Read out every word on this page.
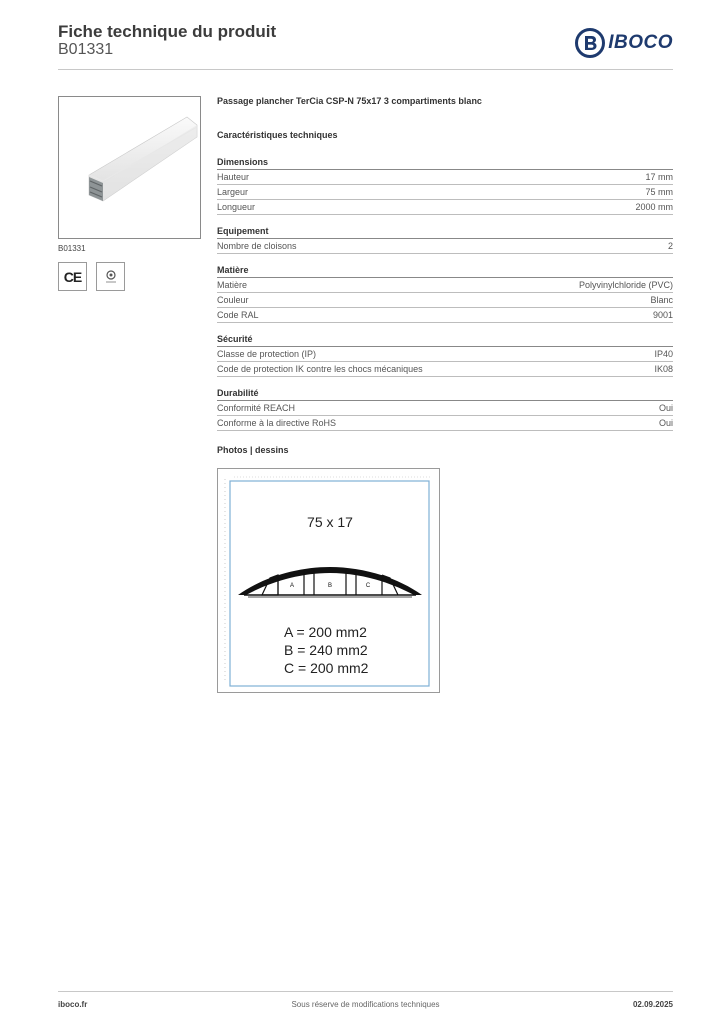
Fiche technique du produit
B01331	IBOCO
B01331
CE
Passage plancher TerCia CSP-N 75x17 3 compartiments blanc
Caractéristiques techniques
Dimensions
Hauteur	17 mm
Largeur	75 mm
Longueur	2000 mm
Equipement
Nombre de cloisons	2
Matière
Matière	Polyvinylchloride (PVC)
Couleur	Blanc
Code RAL	9001
Sécurité
Classe de protection (IP)	IP40
Code de protection IK contre les chocs mécaniques	IK08
Durabilité
Conformité REACH	Oui
Conforme à la directive RoHS	Oui
Photos | dessins
75 x 17
A	B	C
A = 200 mm2
B = 240 mm2
C = 200 mm2
iboco.fr	Sous réserve de modifications techniques	02.09.2025
